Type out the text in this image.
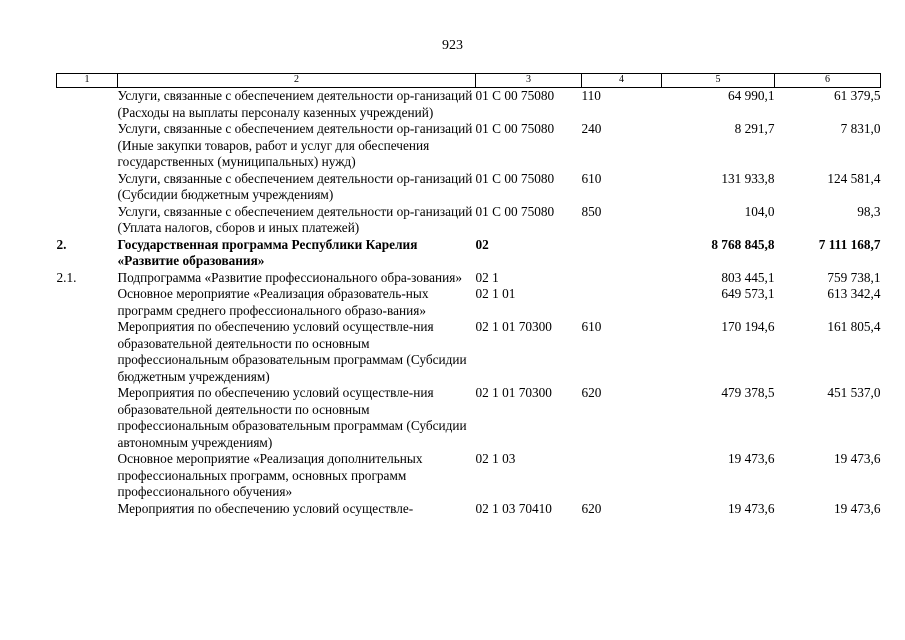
923
1	2	3	4	5	6
	Услуги, связанные с обеспечением деятельности ор-ганизаций (Расходы на выплаты персоналу казенных учреждений)	01 С 00 75080	110	64 990,1	61 379,5
	Услуги, связанные с обеспечением деятельности ор-ганизаций (Иные закупки товаров, работ и услуг для обеспечения государственных (муниципальных) нужд)	01 С 00 75080	240	8 291,7	7 831,0
	Услуги, связанные с обеспечением деятельности ор-ганизаций (Субсидии бюджетным учреждениям)	01 С 00 75080	610	131 933,8	124 581,4
	Услуги, связанные с обеспечением деятельности ор-ганизаций (Уплата налогов, сборов и иных платежей)	01 С 00 75080	850	104,0	98,3
2.	Государственная программа Республики Карелия «Развитие образования»	02		8 768 845,8	7 111 168,7
2.1.	Подпрограмма «Развитие профессионального обра-зования»	02 1		803 445,1	759 738,1
	Основное мероприятие «Реализация образователь-ных программ среднего профессионального образо-вания»	02 1 01		649 573,1	613 342,4
	Мероприятия по обеспечению условий осуществле-ния образовательной деятельности по основным профессиональным образовательным программам (Субсидии бюджетным учреждениям)	02 1 01 70300	610	170 194,6	161 805,4
	Мероприятия по обеспечению условий осуществле-ния образовательной деятельности по основным профессиональным образовательным программам (Субсидии автономным учреждениям)	02 1 01 70300	620	479 378,5	451 537,0
	Основное мероприятие «Реализация дополнительных профессиональных программ, основных программ профессионального обучения»	02 1 03		19 473,6	19 473,6
	Мероприятия по обеспечению условий осуществле-	02 1 03 70410	620	19 473,6	19 473,6
